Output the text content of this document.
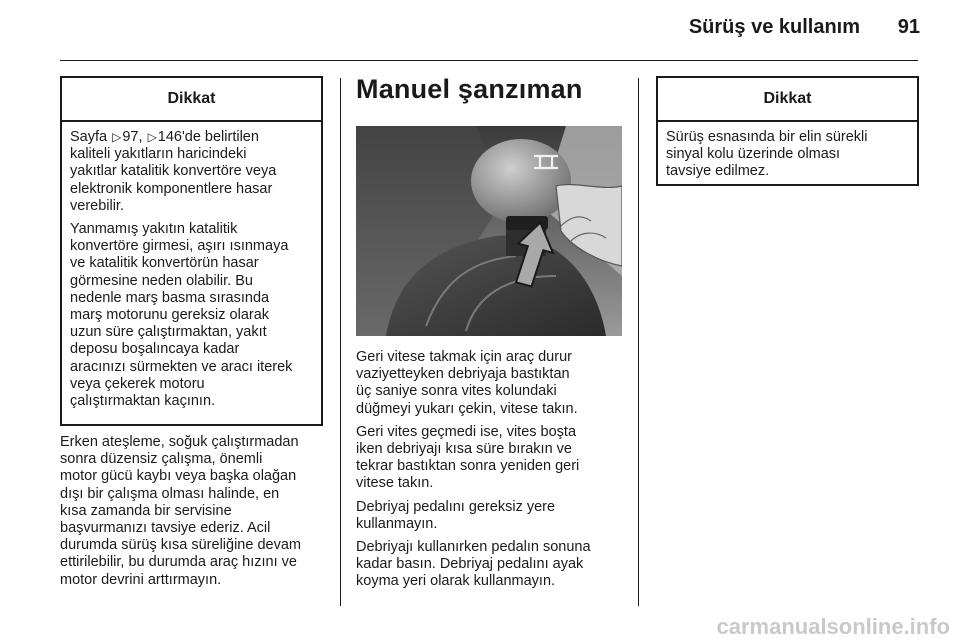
Sürüş ve kullanım 91
Dikkat
Sayfa ▷97, ▷146'de belirtilen
kaliteli yakıtların haricindeki
yakıtlar katalitik konvertöre veya
elektronik komponentlere hasar
verebilir.
Yanmamış yakıtın katalitik
konvertöre girmesi, aşırı ısınmaya
ve katalitik konvertörün hasar
görmesine neden olabilir. Bu
nedenle marş basma sırasında
marş motorunu gereksiz olarak
uzun süre çalıştırmaktan, yakıt
deposu boşalıncaya kadar
aracınızı sürmekten ve aracı iterek
veya çekerek motoru
çalıştırmaktan kaçının.
Erken ateşleme, soğuk çalıştırmadan
sonra düzensiz çalışma, önemli
motor gücü kaybı veya başka olağan
dışı bir çalışma olması halinde, en
kısa zamanda bir servisine
başvurmanızı tavsiye ederiz. Acil
durumda sürüş kısa süreliğine devam
ettirilebilir, bu durumda araç hızını ve
motor devrini arttırmayın.
Manuel şanzıman
Geri vitese takmak için araç durur
vaziyetteyken debriyaja bastıktan
üç saniye sonra vites kolundaki
düğmeyi yukarı çekin, vitese takın.
Geri vites geçmedi ise, vites boşta
iken debriyajı kısa süre bırakın ve
tekrar bastıktan sonra yeniden geri
vitese takın.
Debriyaj pedalını gereksiz yere
kullanmayın.
Debriyajı kullanırken pedalın sonuna
kadar basın. Debriyaj pedalını ayak
koyma yeri olarak kullanmayın.
Dikkat
Sürüş esnasında bir elin sürekli
sinyal kolu üzerinde olması
tavsiye edilmez.
carmanualsonline.info
